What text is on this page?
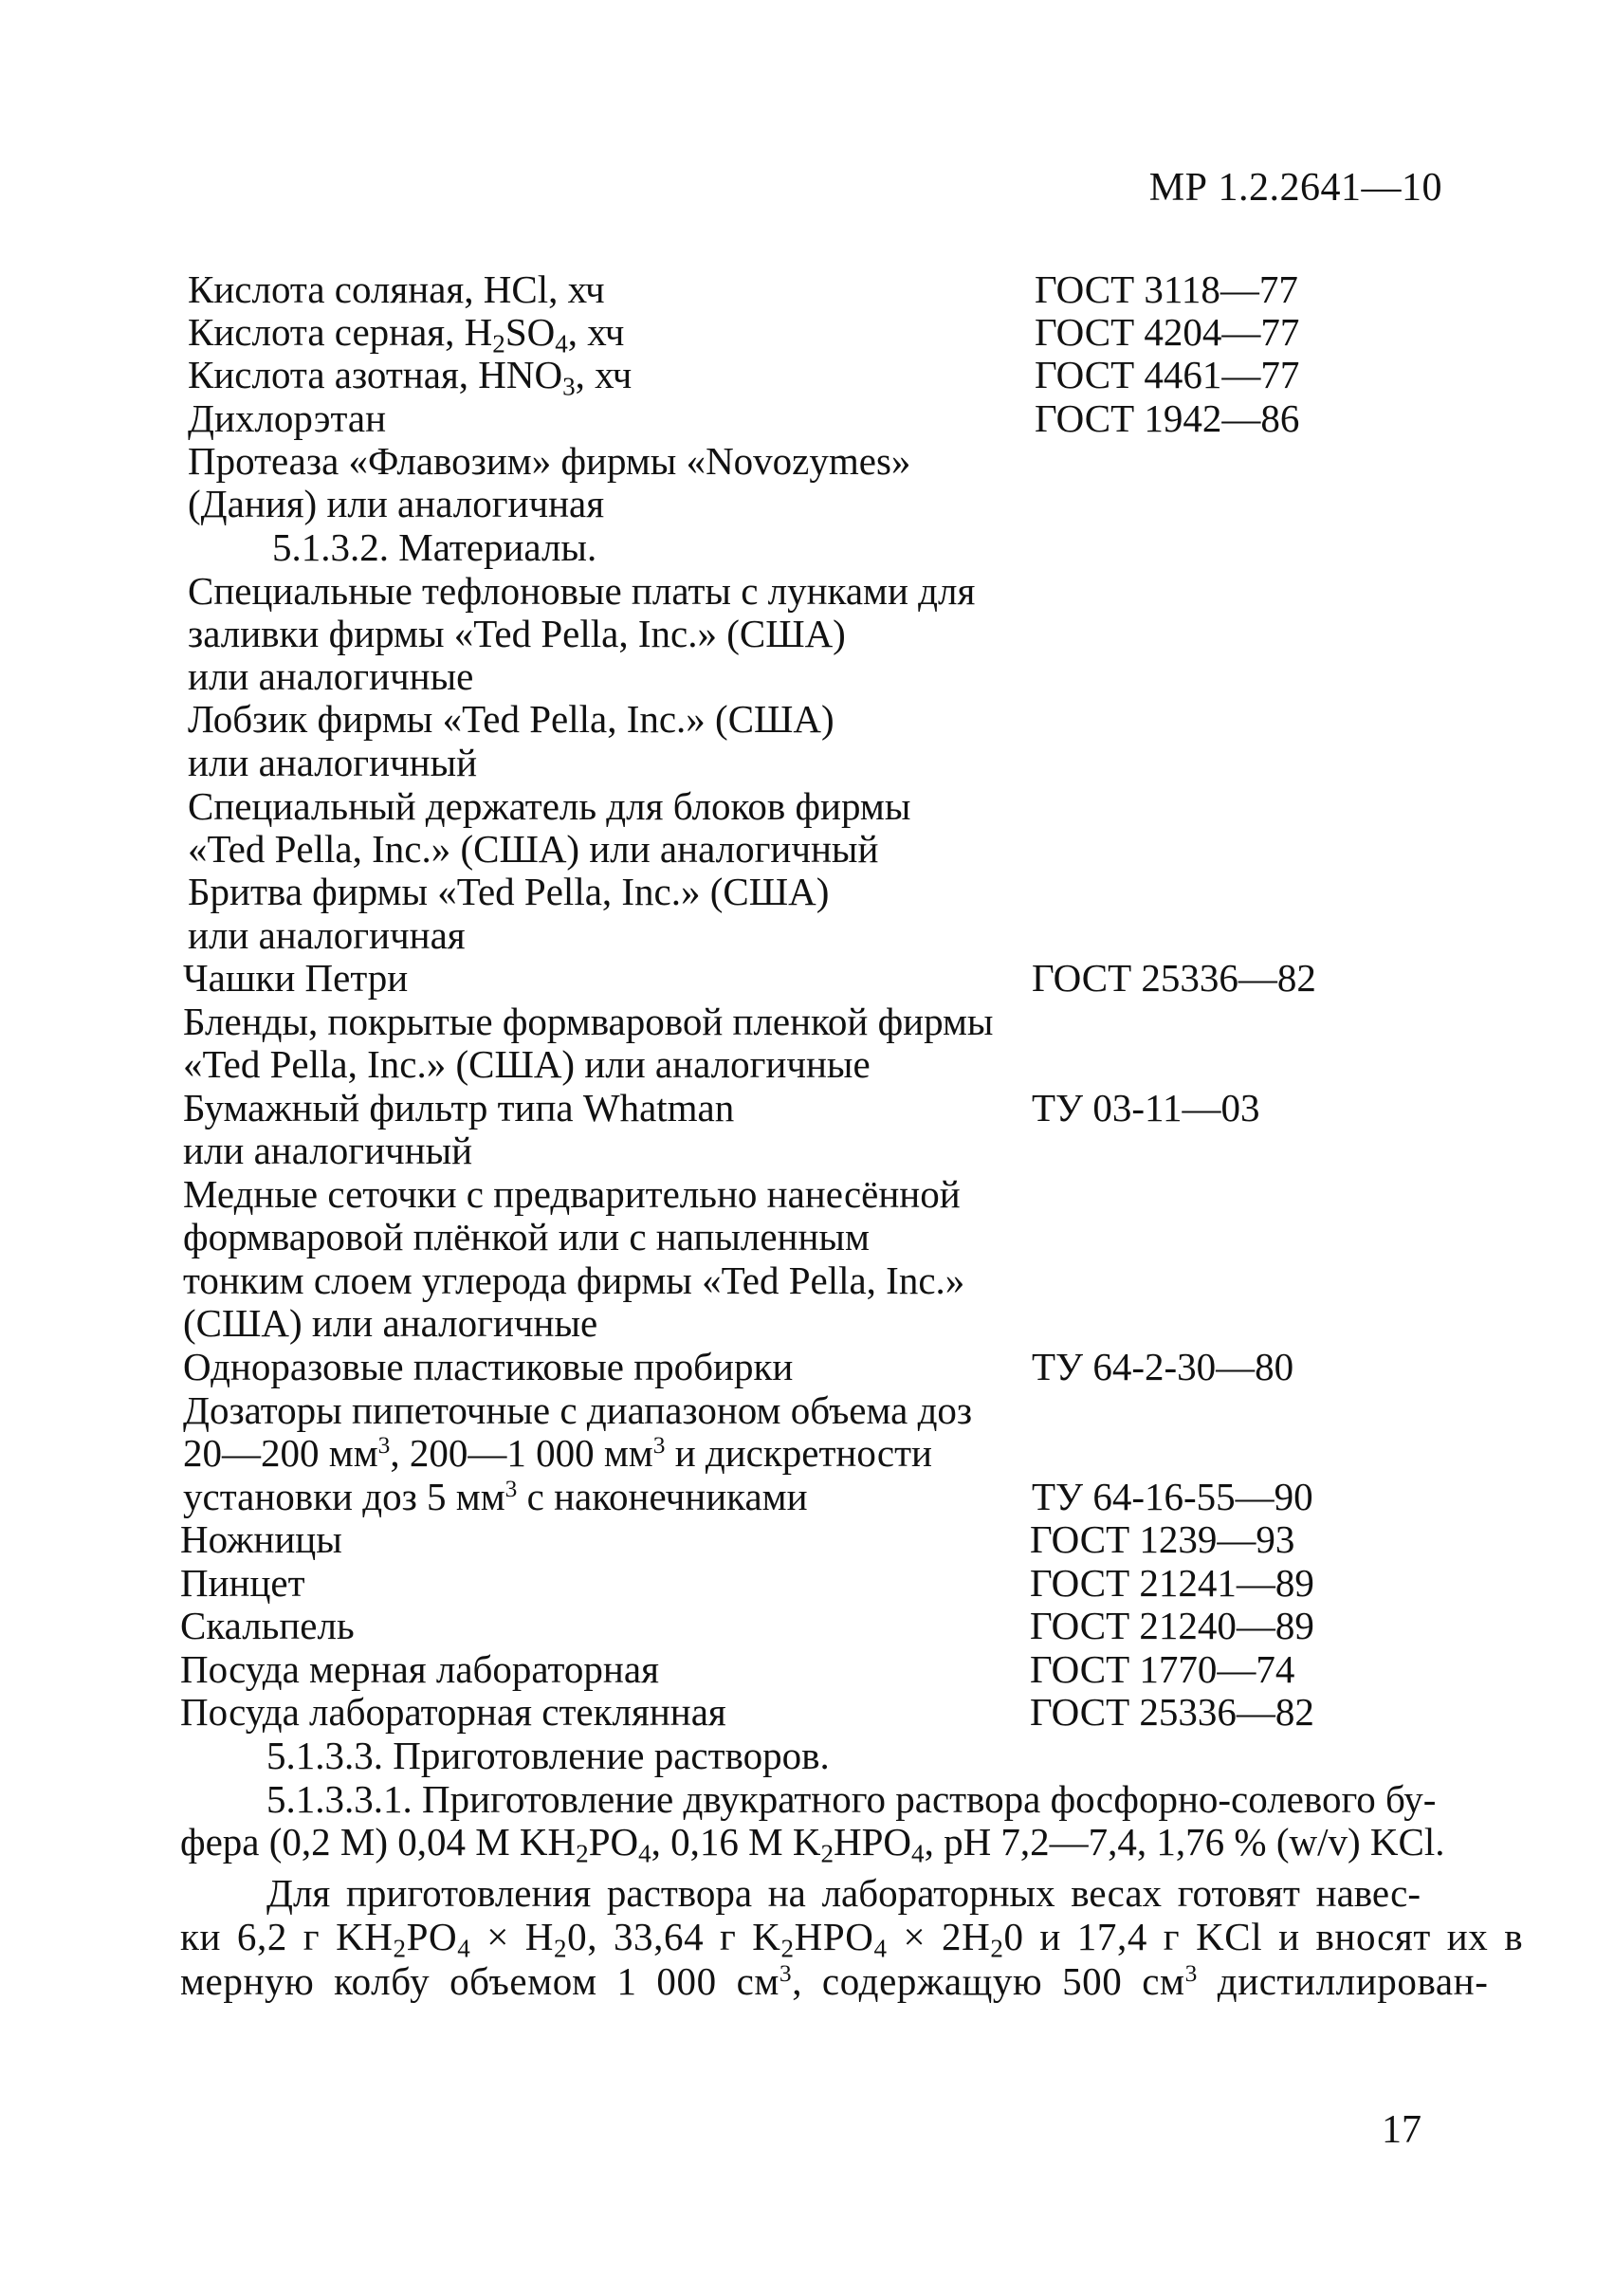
МР 1.2.2641—10
Кислота соляная, HCl, хч	ГОСТ 3118—77
Кислота серная, $H_2SO_4$, хч	ГОСТ 4204—77
Кислота азотная, $HNO_3$, хч	ГОСТ 4461—77
Дихлорэтан	ГОСТ 1942—86
Протеаза «Флавозим» фирмы «Novozymes»
(Дания) или аналогичная
5.1.3.2. Материалы.
Специальные тефлоновые платы с лунками для
заливки фирмы «Ted Pella, Inc.» (США)
или аналогичные
Лобзик фирмы «Ted Pella, Inc.» (США)
или аналогичный
Специальный держатель для блоков фирмы
«Ted Pella, Inc.» (США) или аналогичный
Бритва фирмы «Ted Pella, Inc.» (США)
или аналогичная
Чашки Петри	ГОСТ 25336—82
Бленды, покрытые формваровой пленкой фирмы
«Ted Pella, Inc.» (США) или аналогичные
Бумажный фильтр типа Whatman	ТУ 03-11—03
или аналогичный
Медные сеточки с предварительно нанесённой
формваровой плёнкой или с напыленным
тонким слоем углерода фирмы «Ted Pella, Inc.»
(США) или аналогичные
Одноразовые пластиковые пробирки	ТУ 64-2-30—80
Дозаторы пипеточные с диапазоном объема доз
20—200 $мм^3$, 200—1 000 $мм^3$ и дискретности
установки доз 5 $мм^3$ с наконечниками	ТУ 64-16-55—90
Ножницы	ГОСТ 1239—93
Пинцет	ГОСТ 21241—89
Скальпель	ГОСТ 21240—89
Посуда мерная лабораторная	ГОСТ 1770—74
Посуда лабораторная стеклянная	ГОСТ 25336—82
5.1.3.3. Приготовление растворов.
5.1.3.3.1. Приготовление двукратного раствора фосфорно-солевого бу-
фера (0,2 М) 0,04 М $KH_2PO_4$, 0,16 М $K_2HPO_4$, pH 7,2—7,4, 1,76 % (w/v) KCl.
Для приготовления раствора на лабораторных весах готовят навес-
ки 6,2 г $KH_2PO_4 \times H_20$, 33,64 г $K_2HPO_4 \times 2H_20$ и 17,4 г KCl и вносят их в
мерную колбу объемом 1 000 $см^3$, содержащую 500 $см^3$ дистиллирован-
17
